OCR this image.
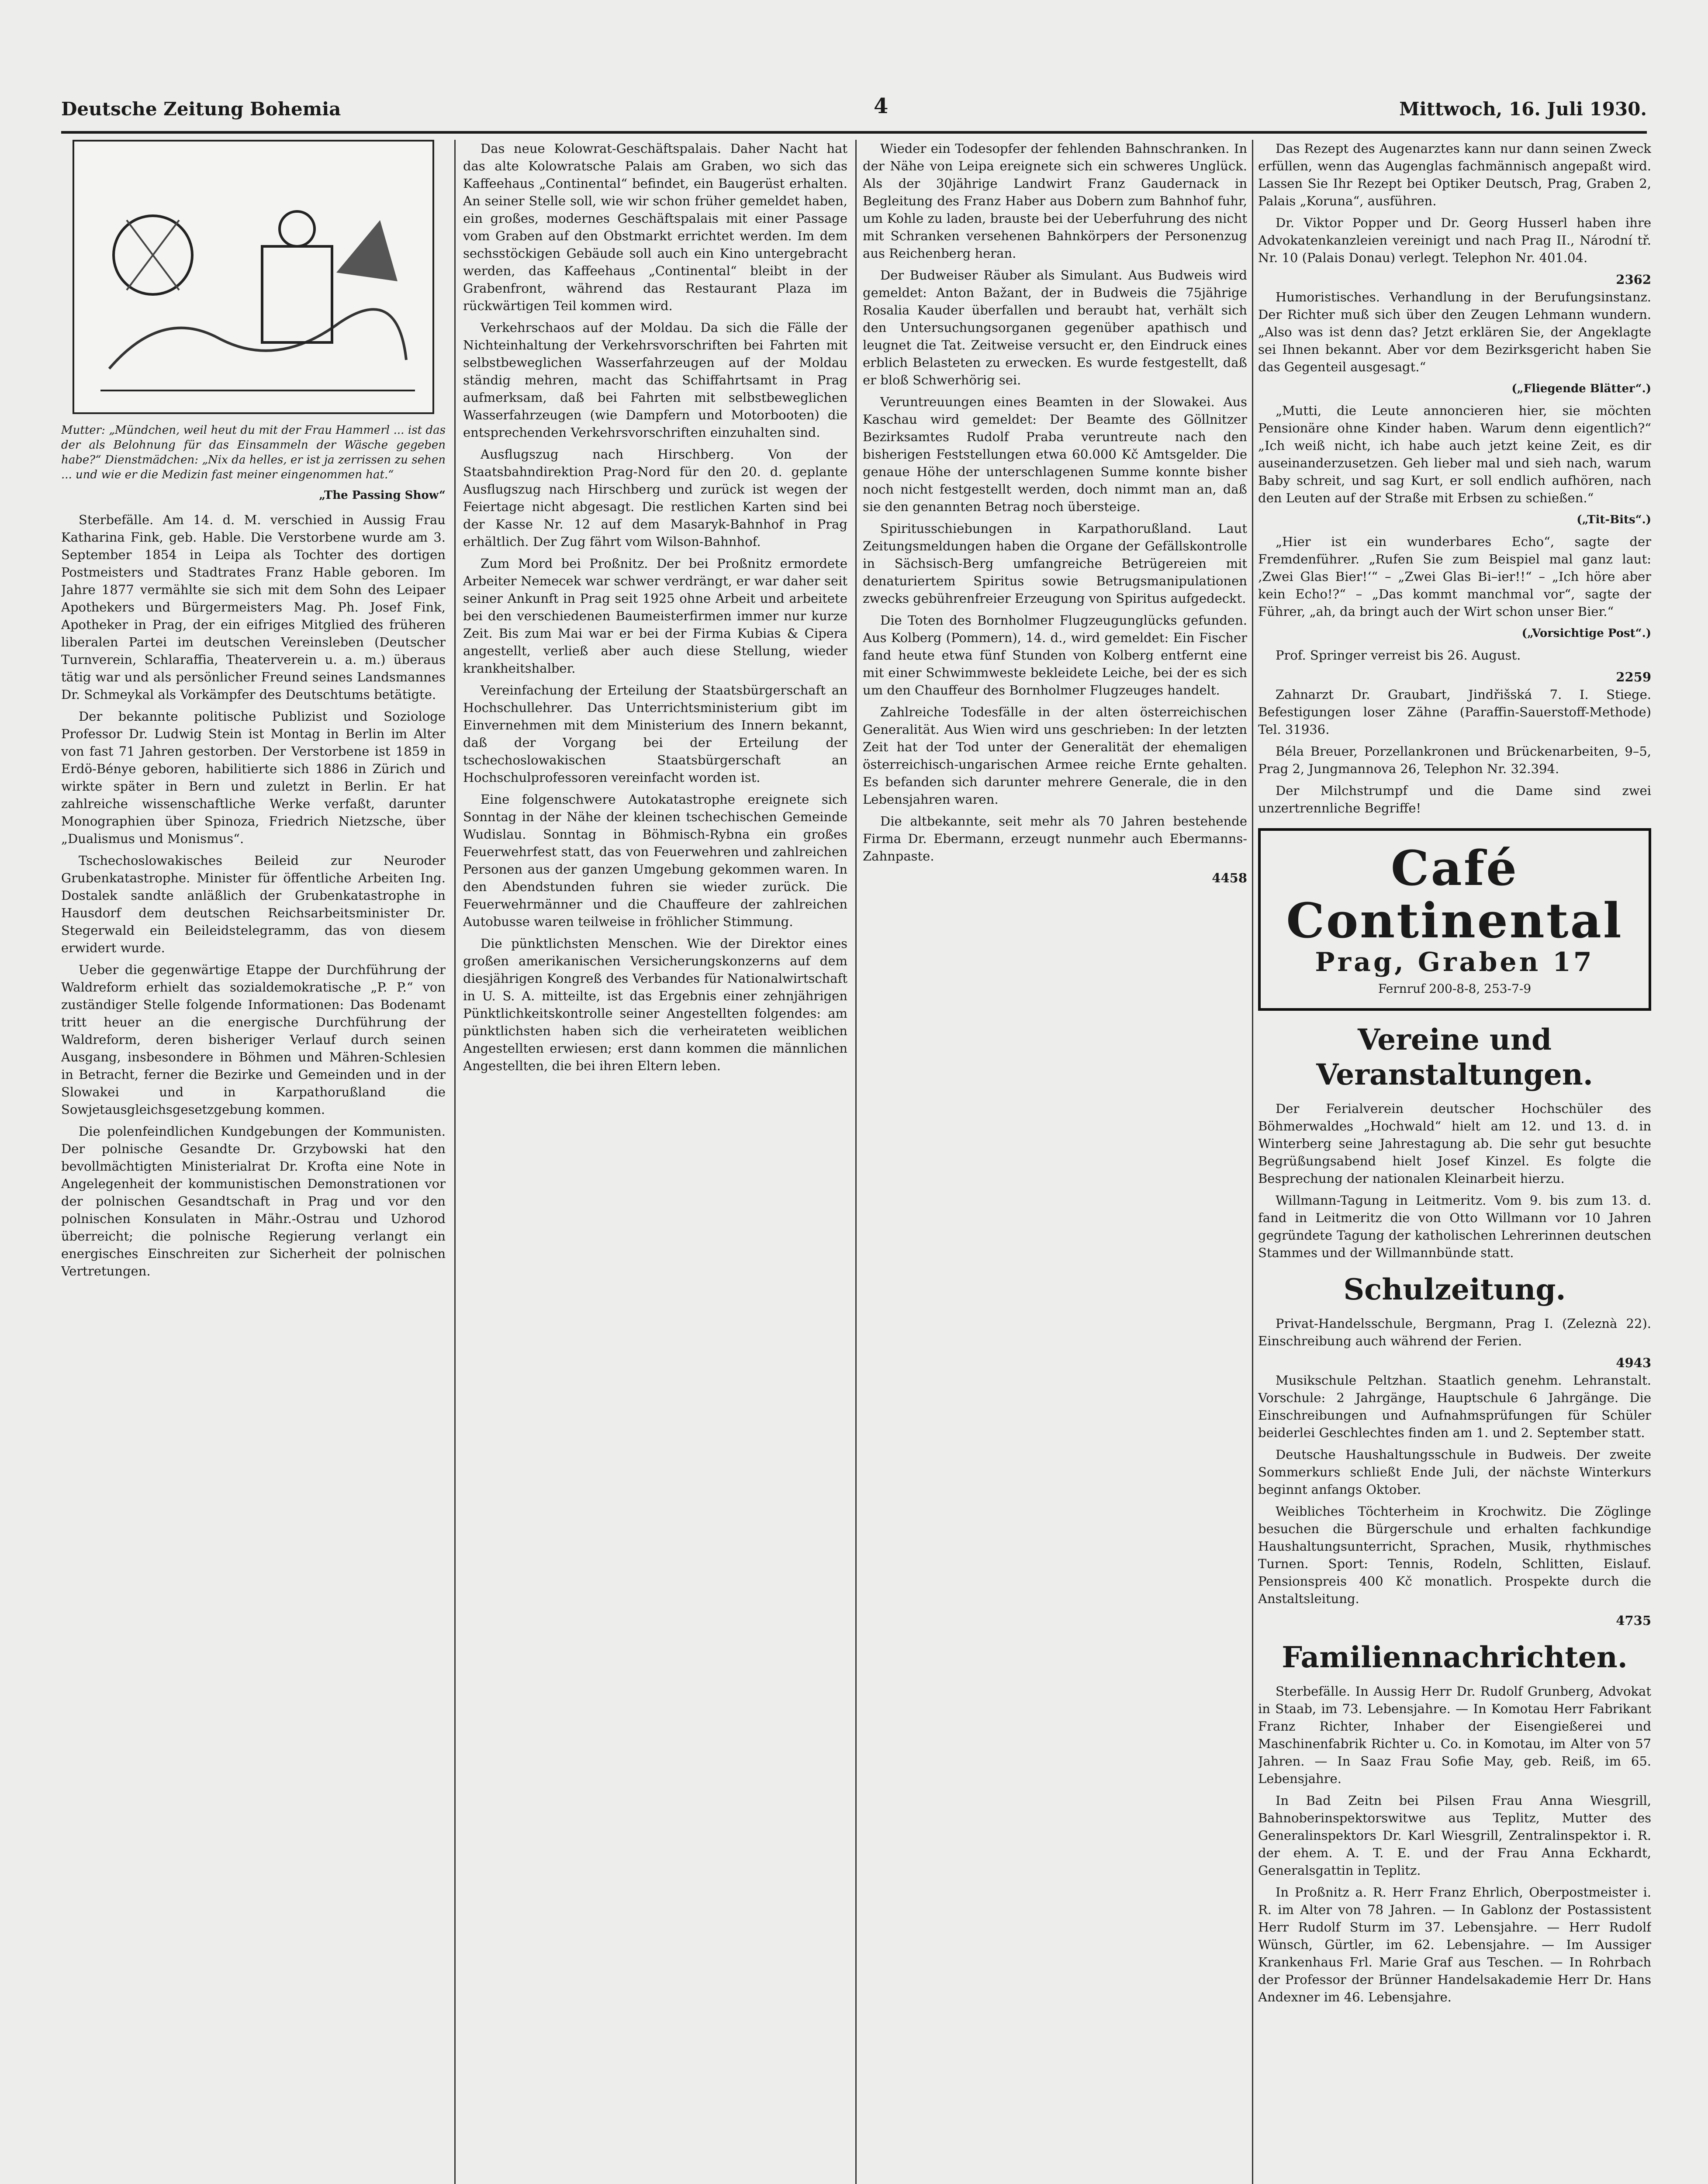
Deutsche Zeitung Bohemia	4	Mittwoch, 16. Juli 1930.
Mutter: „Mündchen, weil heut du mit der Frau Hammerl ... ist das der als Belohnung für das Einsammeln der Wäsche gegeben habe?“ Dienstmädchen: „Nix da helles, er ist ja zerrissen zu sehen ... und wie er die Medizin fast meiner eingenommen hat.“
„The Passing Show“

Sterbefälle. Am 14. d. M. verschied in Aussig Frau Katharina Fink, geb. Hable. Die Verstorbene wurde am 3. September 1854 in Leipa als Tochter des dortigen Postmeisters und Stadtrates Franz Hable geboren. Im Jahre 1877 vermählte sie sich mit dem Sohn des Leipaer Apothekers und Bürgermeisters Mag. Ph. Josef Fink, Apotheker in Prag, der ein eifriges Mitglied des früheren liberalen Partei im deutschen Vereinsleben (Deutscher Turnverein, Schlaraffia, Theaterverein u. a. m.) überaus tätig war und als persönlicher Freund seines Landsmannes Dr. Schmeykal als Vorkämpfer des Deutschtums betätigte.

Der bekannte politische Publizist und Soziologe Professor Dr. Ludwig Stein ist Montag in Berlin im Alter von fast 71 Jahren gestorben. Der Verstorbene ist 1859 in Erdö-Bénye geboren, habilitierte sich 1886 in Zürich und wirkte später in Bern und zuletzt in Berlin. Er hat zahlreiche wissenschaftliche Werke verfaßt, darunter Monographien über Spinoza, Friedrich Nietzsche, über „Dualismus und Monismus“.

Tschechoslowakisches Beileid zur Neuroder Grubenkatastrophe. Minister für öffentliche Arbeiten Ing. Dostalek sandte anläßlich der Grubenkatastrophe in Hausdorf dem deutschen Reichsarbeitsminister Dr. Stegerwald ein Beileidstelegramm, das von diesem erwidert wurde.

Ueber die gegenwärtige Etappe der Durchführung der Waldreform erhielt das sozialdemokratische „P. P.“ von zuständiger Stelle folgende Informationen: Das Bodenamt tritt heuer an die energische Durchführung der Waldreform, deren bisheriger Verlauf durch seinen Ausgang, insbesondere in Böhmen und Mähren-Schlesien in Betracht, ferner die Bezirke und Gemeinden und in der Slowakei und in Karpathorußland die Sowjetausgleichsgesetzgebung kommen.

Die polenfeindlichen Kundgebungen der Kommunisten. Der polnische Gesandte Dr. Grzybowski hat den bevollmächtigten Ministerialrat Dr. Krofta eine Note in Angelegenheit der kommunistischen Demonstrationen vor der polnischen Gesandtschaft in Prag und vor den polnischen Konsulaten in Mähr.-Ostrau und Uzhorod überreicht; die polnische Regierung verlangt ein energisches Einschreiten zur Sicherheit der polnischen Vertretungen.

Das neue Kolowrat-Geschäftspalais. Daher Nacht hat das alte Kolowratsche Palais am Graben, wo sich das Kaffeehaus „Continental“ befindet, ein Baugerüst erhalten. An seiner Stelle soll, wie wir schon früher gemeldet haben, ein großes, modernes Geschäftspalais mit einer Passage vom Graben auf den Obstmarkt errichtet werden. Im dem sechsstöckigen Gebäude soll auch ein Kino untergebracht werden, das Kaffeehaus „Continental“ bleibt in der Grabenfront, während das Restaurant Plaza im rückwärtigen Teil kommen wird.

Verkehrschaos auf der Moldau. Da sich die Fälle der Nichteinhaltung der Verkehrsvorschriften bei Fahrten mit selbstbeweglichen Wasserfahrzeugen auf der Moldau ständig mehren, macht das Schiffahrtsamt in Prag aufmerksam, daß bei Fahrten mit selbstbeweglichen Wasserfahrzeugen (wie Dampfern und Motorbooten) die entsprechenden Verkehrsvorschriften einzuhalten sind.

Ausflugszug nach Hirschberg. Von der Staatsbahndirektion Prag-Nord für den 20. d. geplante Ausflugszug nach Hirschberg und zurück ist wegen der Feiertage nicht abgesagt. Die restlichen Karten sind bei der Kasse Nr. 12 auf dem Masaryk-Bahnhof in Prag erhältlich. Der Zug fährt vom Wilson-Bahnhof.

Zum Mord bei Proßnitz. Der bei Proßnitz ermordete Arbeiter Nemecek war schwer verdrängt, er war daher seit seiner Ankunft in Prag seit 1925 ohne Arbeit und arbeitete bei den verschiedenen Baumeisterfirmen immer nur kurze Zeit. Bis zum Mai war er bei der Firma Kubias & Cipera angestellt, verließ aber auch diese Stellung, wieder krankheitshalber.

Vereinfachung der Erteilung der Staatsbürgerschaft an Hochschullehrer. Das Unterrichtsministerium gibt im Einvernehmen mit dem Ministerium des Innern bekannt, daß der Vorgang bei der Erteilung der tschechoslowakischen Staatsbürgerschaft an Hochschulprofessoren vereinfacht worden ist.

Eine folgenschwere Autokatastrophe ereignete sich Sonntag in der Nähe der kleinen tschechischen Gemeinde Wudislau. Sonntag in Böhmisch-Rybna ein großes Feuerwehrfest statt, das von Feuerwehren und zahlreichen Personen aus der ganzen Umgebung gekommen waren. In den Abendstunden fuhren sie wieder zurück. Die Feuerwehrmänner und die Chauffeure der zahlreichen Autobusse waren teilweise in fröhlicher Stimmung.

Die pünktlichsten Menschen. Wie der Direktor eines großen amerikanischen Versicherungskonzerns auf dem diesjährigen Kongreß des Verbandes für Nationalwirtschaft in U. S. A. mitteilte, ist das Ergebnis einer zehnjährigen Pünktlichkeitskontrolle seiner Angestellten folgendes: am pünktlichsten haben sich die verheirateten weiblichen Angestellten erwiesen; erst dann kommen die männlichen Angestellten, die bei ihren Eltern leben.

Wieder ein Todesopfer der fehlenden Bahnschranken. In der Nähe von Leipa ereignete sich ein schweres Unglück. Als der 30jährige Landwirt Franz Gaudernack in Begleitung des Franz Haber aus Dobern zum Bahnhof fuhr, um Kohle zu laden, brauste bei der Ueberfuhrung des nicht mit Schranken versehenen Bahnkörpers der Personenzug aus Reichenberg heran.

Der Budweiser Räuber als Simulant. Aus Budweis wird gemeldet: Anton Bažant, der in Budweis die 75jährige Rosalia Kauder überfallen und beraubt hat, verhält sich den Untersuchungsorganen gegenüber apathisch und leugnet die Tat. Zeitweise versucht er, den Eindruck eines erblich Belasteten zu erwecken. Es wurde festgestellt, daß er bloß Schwerhörig sei.

Veruntreuungen eines Beamten in der Slowakei. Aus Kaschau wird gemeldet: Der Beamte des Göllnitzer Bezirksamtes Rudolf Praba veruntreute nach den bisherigen Feststellungen etwa 60.000 Kč Amtsgelder. Die genaue Höhe der unterschlagenen Summe konnte bisher noch nicht festgestellt werden, doch nimmt man an, daß sie den genannten Betrag noch übersteige.

Spiritusschiebungen in Karpathorußland. Laut Zeitungsmeldungen haben die Organe der Gefällskontrolle in Sächsisch-Berg umfangreiche Betrügereien mit denaturiertem Spiritus sowie Betrugsmanipulationen zwecks gebührenfreier Erzeugung von Spiritus aufgedeckt.

Die Toten des Bornholmer Flugzeugunglücks gefunden. Aus Kolberg (Pommern), 14. d., wird gemeldet: Ein Fischer fand heute etwa fünf Stunden von Kolberg entfernt eine mit einer Schwimmweste bekleidete Leiche, bei der es sich um den Chauffeur des Bornholmer Flugzeuges handelt.

Zahlreiche Todesfälle in der alten österreichischen Generalität. Aus Wien wird uns geschrieben: In der letzten Zeit hat der Tod unter der Generalität der ehemaligen österreichisch-ungarischen Armee reiche Ernte gehalten. Es befanden sich darunter mehrere Generale, die in den Lebensjahren waren.

Die altbekannte, seit mehr als 70 Jahren bestehende Firma Dr. Ebermann, erzeugt nunmehr auch Ebermanns-Zahnpaste.

4458

Das Rezept des Augenarztes kann nur dann seinen Zweck erfüllen, wenn das Augenglas fachmännisch angepaßt wird. Lassen Sie Ihr Rezept bei Optiker Deutsch, Prag, Graben 2, Palais „Koruna“, ausführen.

Dr. Viktor Popper und Dr. Georg Husserl haben ihre Advokatenkanzleien vereinigt und nach Prag II., Národní tř. Nr. 10 (Palais Donau) verlegt. Telephon Nr. 401.04.

2362

Humoristisches. Verhandlung in der Berufungsinstanz. Der Richter muß sich über den Zeugen Lehmann wundern. „Also was ist denn das? Jetzt erklären Sie, der Angeklagte sei Ihnen bekannt. Aber vor dem Bezirksgericht haben Sie das Gegenteil ausgesagt.“

(„Fliegende Blätter“.)

„Mutti, die Leute annoncieren hier, sie möchten Pensionäre ohne Kinder haben. Warum denn eigentlich?“ „Ich weiß nicht, ich habe auch jetzt keine Zeit, es dir auseinanderzusetzen. Geh lieber mal und sieh nach, warum Baby schreit, und sag Kurt, er soll endlich aufhören, nach den Leuten auf der Straße mit Erbsen zu schießen.“

(„Tit-Bits“.)

„Hier ist ein wunderbares Echo“, sagte der Fremdenführer. „Rufen Sie zum Beispiel mal ganz laut: ‚Zwei Glas Bier!‘“ – „Zwei Glas Bi–ier!!“ – „Ich höre aber kein Echo!?“ – „Das kommt manchmal vor“, sagte der Führer, „ah, da bringt auch der Wirt schon unser Bier.“

(„Vorsichtige Post“.)

Prof. Springer verreist bis 26. August.

2259

Zahnarzt Dr. Graubart, Jindřišská 7. I. Stiege. Befestigungen loser Zähne (Paraffin-Sauerstoff-Methode) Tel. 31936.

Béla Breuer, Porzellankronen und Brückenarbeiten, 9–5, Prag 2, Jungmannova 26, Telephon Nr. 32.394.

Der Milchstrumpf und die Dame sind zwei unzertrennliche Begriffe!

Café Continental
Prag, Graben 17
Fernruf 200-8-8, 253-7-9
Vereine und Veranstaltungen.

Der Ferialverein deutscher Hochschüler des Böhmerwaldes „Hochwald“ hielt am 12. und 13. d. in Winterberg seine Jahrestagung ab. Die sehr gut besuchte Begrüßungsabend hielt Josef Kinzel. Es folgte die Besprechung der nationalen Kleinarbeit hierzu.

Willmann-Tagung in Leitmeritz. Vom 9. bis zum 13. d. fand in Leitmeritz die von Otto Willmann vor 10 Jahren gegründete Tagung der katholischen Lehrerinnen deutschen Stammes und der Willmannbünde statt.

Schulzeitung.

Privat-Handelsschule, Bergmann, Prag I. (Zeleznà 22). Einschreibung auch während der Ferien.

4943

Musikschule Peltzhan. Staatlich genehm. Lehranstalt. Vorschule: 2 Jahrgänge, Hauptschule 6 Jahrgänge. Die Einschreibungen und Aufnahmsprüfungen für Schüler beiderlei Geschlechtes finden am 1. und 2. September statt.

Deutsche Haushaltungsschule in Budweis. Der zweite Sommerkurs schließt Ende Juli, der nächste Winterkurs beginnt anfangs Oktober.

Weibliches Töchterheim in Krochwitz. Die Zöglinge besuchen die Bürgerschule und erhalten fachkundige Haushaltungsunterricht, Sprachen, Musik, rhythmisches Turnen. Sport: Tennis, Rodeln, Schlitten, Eislauf. Pensionspreis 400 Kč monatlich. Prospekte durch die Anstaltsleitung.

4735
Familiennachrichten.

Sterbefälle. In Aussig Herr Dr. Rudolf Grunberg, Advokat in Staab, im 73. Lebensjahre. — In Komotau Herr Fabrikant Franz Richter, Inhaber der Eisengießerei und Maschinenfabrik Richter u. Co. in Komotau, im Alter von 57 Jahren. — In Saaz Frau Sofie May, geb. Reiß, im 65. Lebensjahre.

In Bad Zeitn bei Pilsen Frau Anna Wiesgrill, Bahnoberinspektorswitwe aus Teplitz, Mutter des Generalinspektors Dr. Karl Wiesgrill, Zentralinspektor i. R. der ehem. A. T. E. und der Frau Anna Eckhardt, Generalsgattin in Teplitz.

In Proßnitz a. R. Herr Franz Ehrlich, Oberpostmeister i. R. im Alter von 78 Jahren. — In Gablonz der Postassistent Herr Rudolf Sturm im 37. Lebensjahre. — Herr Rudolf Wünsch, Gürtler, im 62. Lebensjahre. — Im Aussiger Krankenhaus Frl. Marie Graf aus Teschen. — In Rohrbach der Professor der Brünner Handelsakademie Herr Dr. Hans Andexner im 46. Lebensjahre.
